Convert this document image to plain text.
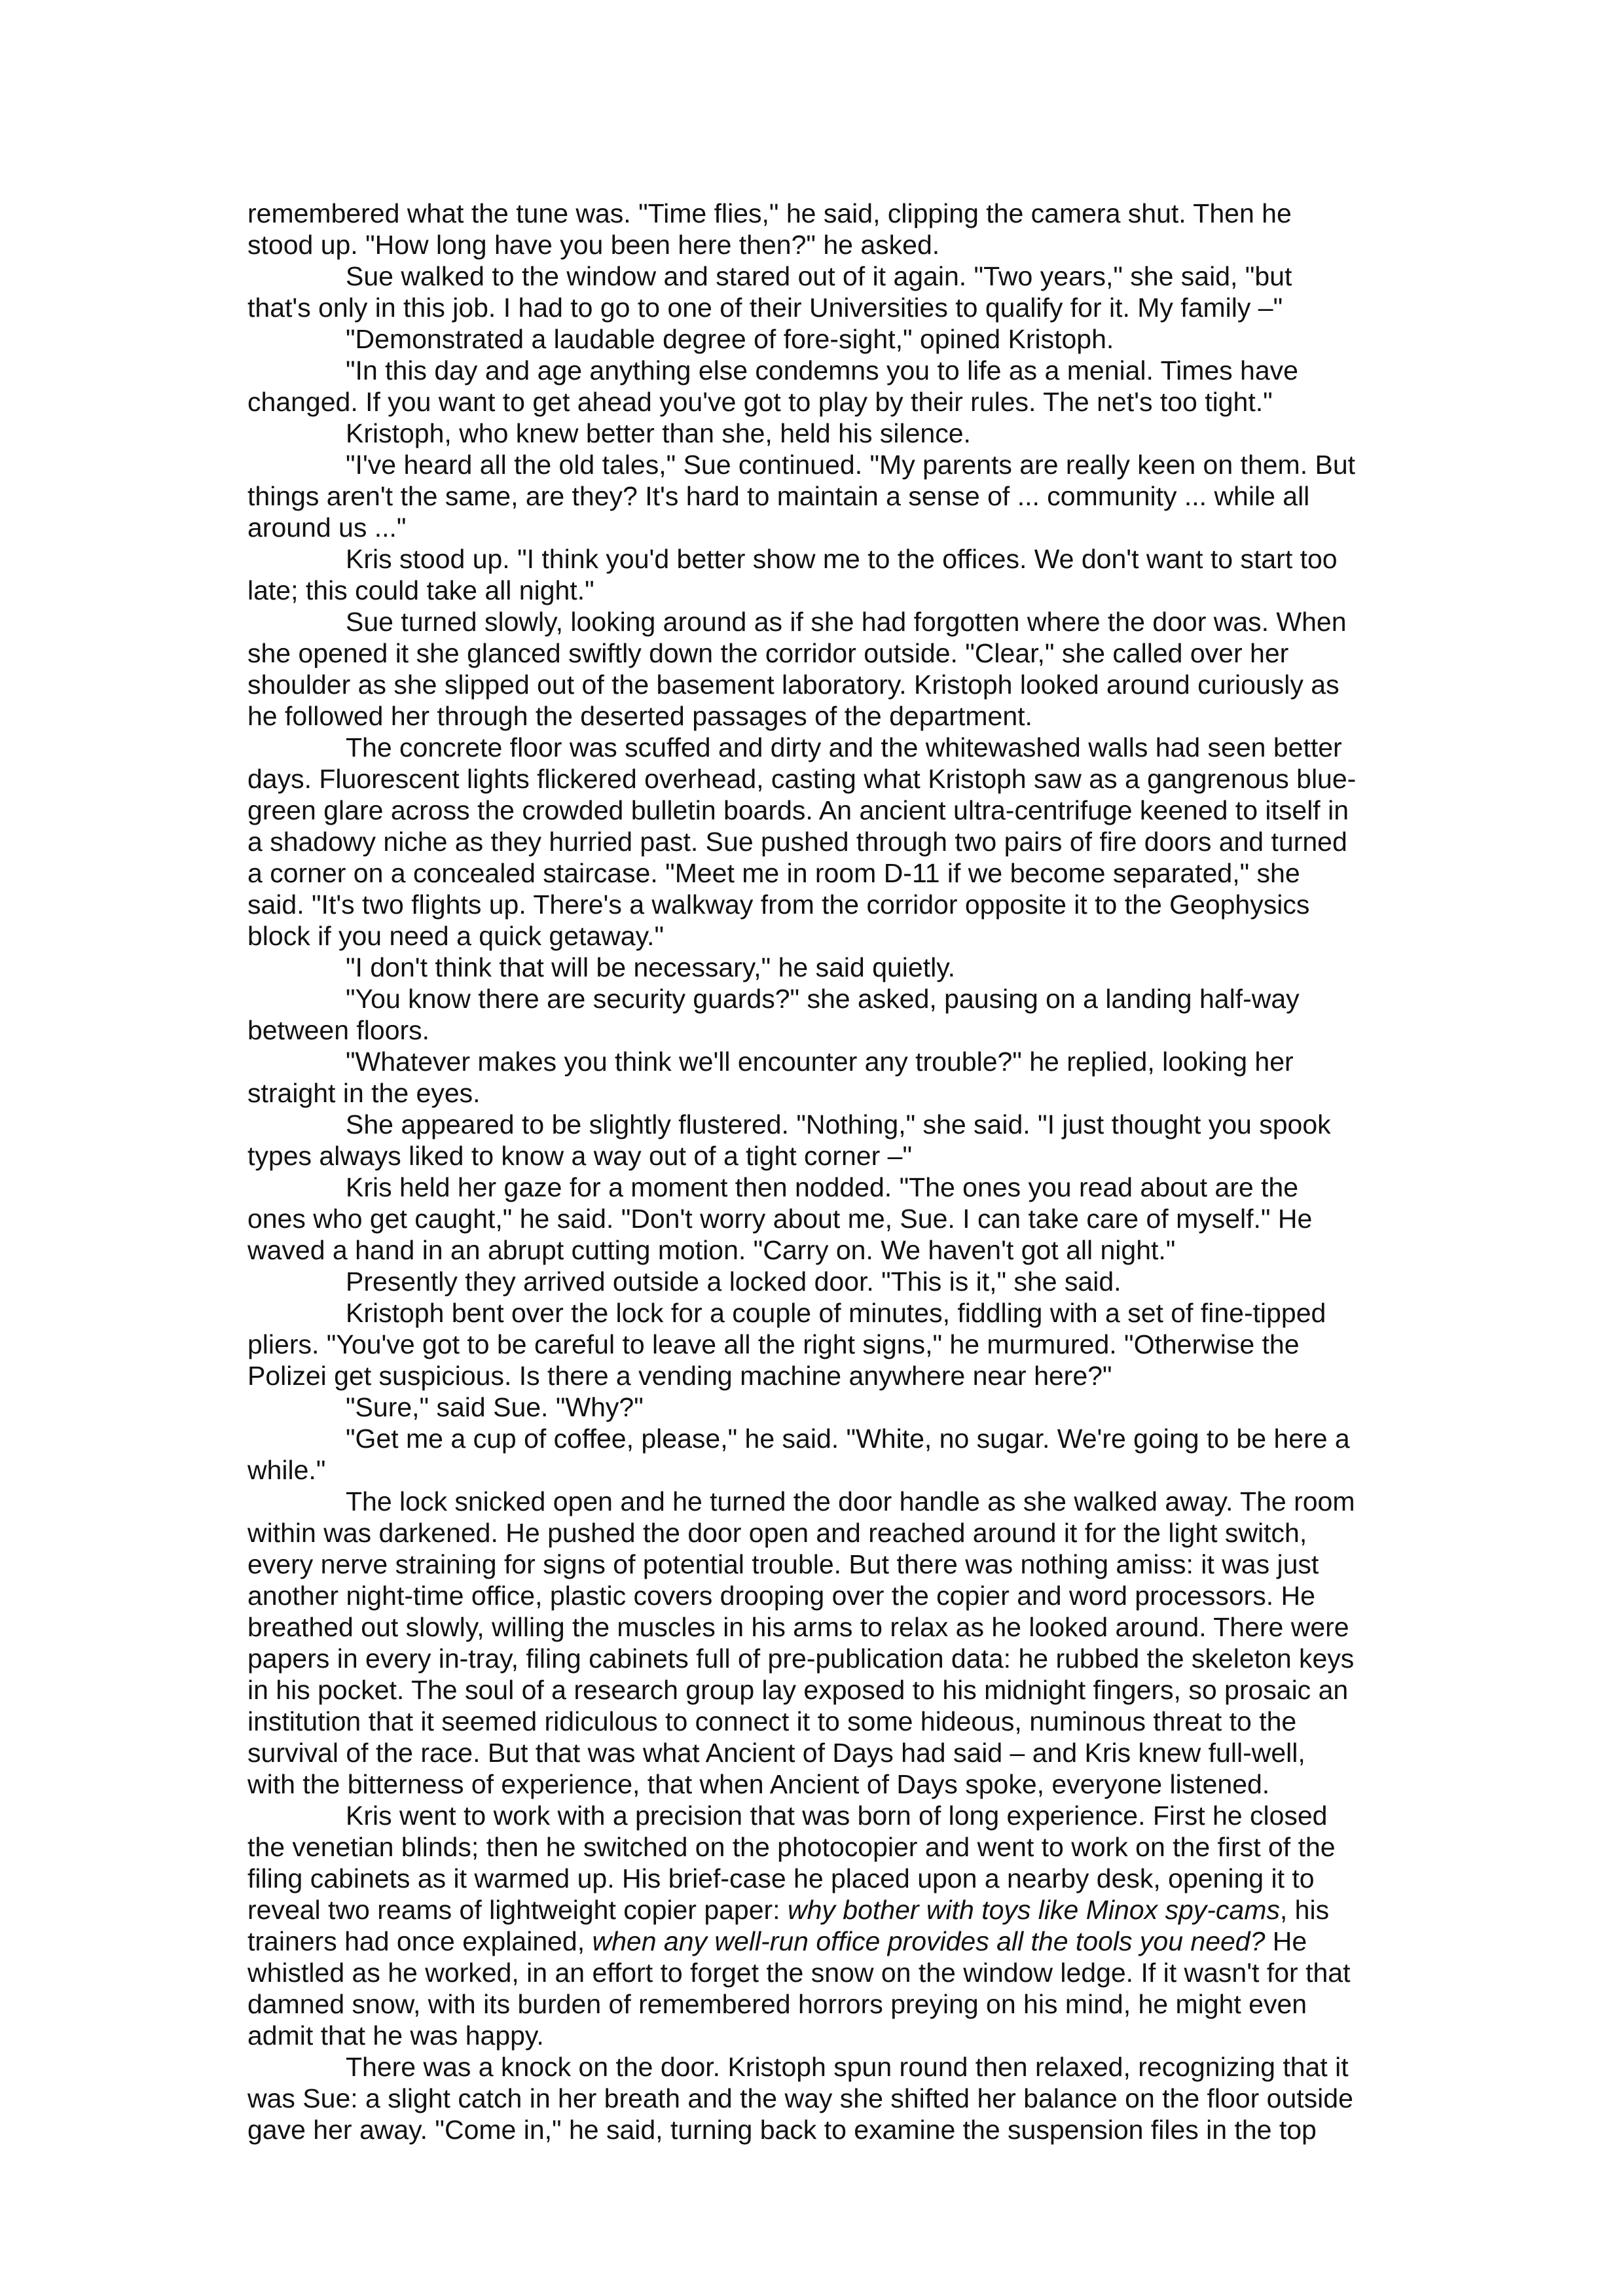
remembered what the tune was. "Time flies," he said, clipping the camera shut. Then he
stood up. "How long have you been here then?" he asked.
Sue walked to the window and stared out of it again. "Two years," she said, "but
that's only in this job. I had to go to one of their Universities to qualify for it. My family –"
"Demonstrated a laudable degree of fore-sight," opined Kristoph.
"In this day and age anything else condemns you to life as a menial. Times have
changed. If you want to get ahead you've got to play by their rules. The net's too tight."
Kristoph, who knew better than she, held his silence.
"I've heard all the old tales," Sue continued. "My parents are really keen on them. But
things aren't the same, are they? It's hard to maintain a sense of ... community ... while all
around us ..."
Kris stood up. "I think you'd better show me to the offices. We don't want to start too
late; this could take all night."
Sue turned slowly, looking around as if she had forgotten where the door was. When
she opened it she glanced swiftly down the corridor outside. "Clear," she called over her
shoulder as she slipped out of the basement laboratory. Kristoph looked around curiously as
he followed her through the deserted passages of the department.
The concrete floor was scuffed and dirty and the whitewashed walls had seen better
days. Fluorescent lights flickered overhead, casting what Kristoph saw as a gangrenous blue-
green glare across the crowded bulletin boards. An ancient ultra-centrifuge keened to itself in
a shadowy niche as they hurried past. Sue pushed through two pairs of fire doors and turned
a corner on a concealed staircase. "Meet me in room D-11 if we become separated," she
said. "It's two flights up. There's a walkway from the corridor opposite it to the Geophysics
block if you need a quick getaway."
"I don't think that will be necessary," he said quietly.
"You know there are security guards?" she asked, pausing on a landing half-way
between floors.
"Whatever makes you think we'll encounter any trouble?" he replied, looking her
straight in the eyes.
She appeared to be slightly flustered. "Nothing," she said. "I just thought you spook
types always liked to know a way out of a tight corner –"
Kris held her gaze for a moment then nodded. "The ones you read about are the
ones who get caught," he said. "Don't worry about me, Sue. I can take care of myself." He
waved a hand in an abrupt cutting motion. "Carry on. We haven't got all night."
Presently they arrived outside a locked door. "This is it," she said.
Kristoph bent over the lock for a couple of minutes, fiddling with a set of fine-tipped
pliers. "You've got to be careful to leave all the right signs," he murmured. "Otherwise the
Polizei get suspicious. Is there a vending machine anywhere near here?"
"Sure," said Sue. "Why?"
"Get me a cup of coffee, please," he said. "White, no sugar. We're going to be here a
while."
The lock snicked open and he turned the door handle as she walked away. The room
within was darkened. He pushed the door open and reached around it for the light switch,
every nerve straining for signs of potential trouble. But there was nothing amiss: it was just
another night-time office, plastic covers drooping over the copier and word processors. He
breathed out slowly, willing the muscles in his arms to relax as he looked around. There were
papers in every in-tray, filing cabinets full of pre-publication data: he rubbed the skeleton keys
in his pocket. The soul of a research group lay exposed to his midnight fingers, so prosaic an
institution that it seemed ridiculous to connect it to some hideous, numinous threat to the
survival of the race. But that was what Ancient of Days had said – and Kris knew full-well,
with the bitterness of experience, that when Ancient of Days spoke, everyone listened.
Kris went to work with a precision that was born of long experience. First he closed
the venetian blinds; then he switched on the photocopier and went to work on the first of the
filing cabinets as it warmed up. His brief-case he placed upon a nearby desk, opening it to
reveal two reams of lightweight copier paper: why bother with toys like Minox spy-cams, his
trainers had once explained, when any well-run office provides all the tools you need? He
whistled as he worked, in an effort to forget the snow on the window ledge. If it wasn't for that
damned snow, with its burden of remembered horrors preying on his mind, he might even
admit that he was happy.
There was a knock on the door. Kristoph spun round then relaxed, recognizing that it
was Sue: a slight catch in her breath and the way she shifted her balance on the floor outside
gave her away. "Come in," he said, turning back to examine the suspension files in the top
